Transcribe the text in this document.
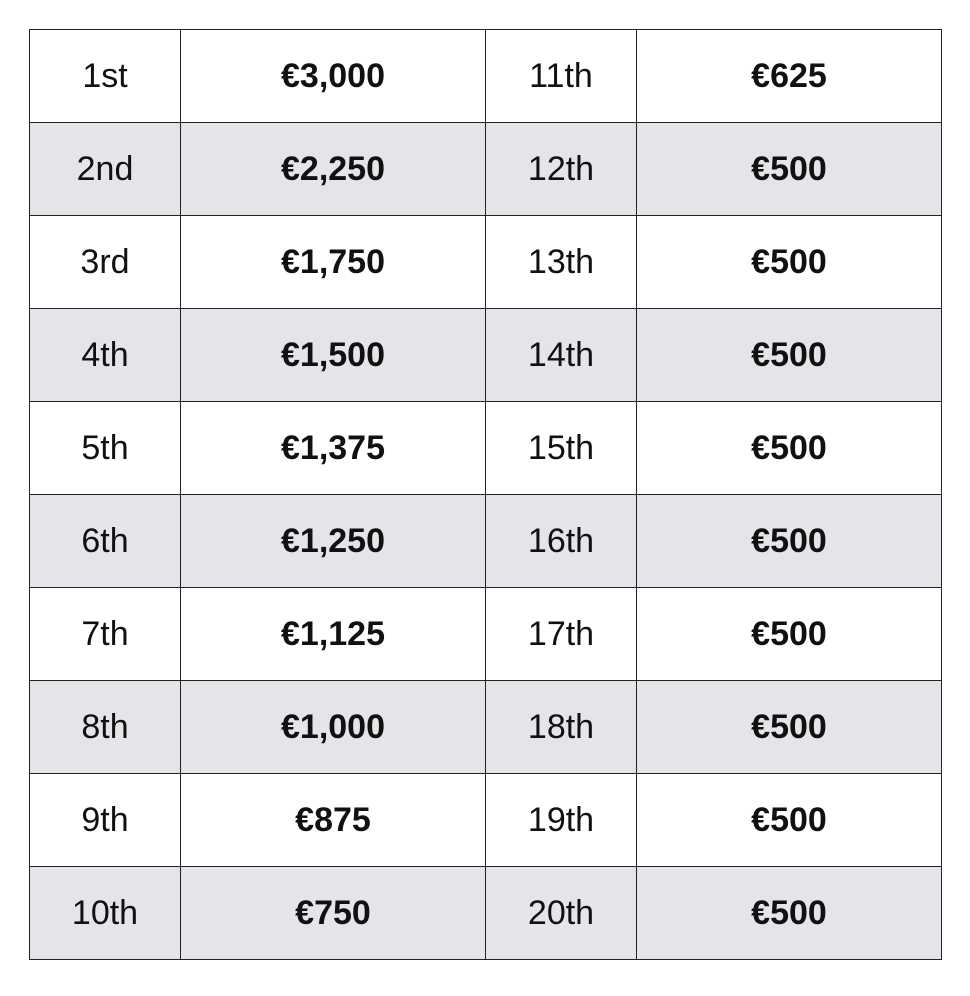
1st	€3,000	11th	€625
2nd	€2,250	12th	€500
3rd	€1,750	13th	€500
4th	€1,500	14th	€500
5th	€1,375	15th	€500
6th	€1,250	16th	€500
7th	€1,125	17th	€500
8th	€1,000	18th	€500
9th	€875	19th	€500
10th	€750	20th	€500
